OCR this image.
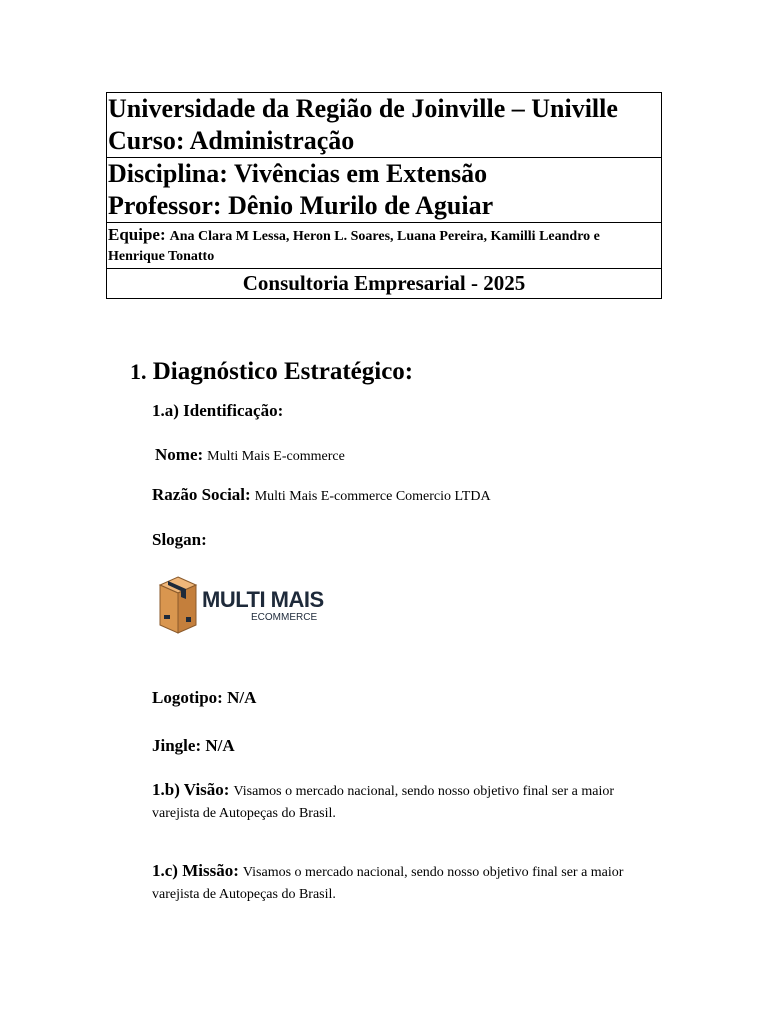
Universidade da Região de Joinville – Univille
Curso: Administração
Disciplina: Vivências em Extensão
Professor: Dênio Murilo de Aguiar
Equipe: Ana Clara M Lessa, Heron L. Soares, Luana Pereira, Kamilli Leandro e Henrique Tonatto
Consultoria Empresarial - 2025
1. Diagnóstico Estratégico:
1.a) Identificação:
Nome: Multi Mais E-commerce
Razão Social: Multi Mais E-commerce Comercio LTDA
Slogan:
MULTI MAIS
ECOMMERCE
Logotipo: N/A
Jingle: N/A
1.b) Visão: Visamos o mercado nacional, sendo nosso objetivo final ser a maior varejista de Autopeças do Brasil.
1.c) Missão: Visamos o mercado nacional, sendo nosso objetivo final ser a maior varejista de Autopeças do Brasil.
